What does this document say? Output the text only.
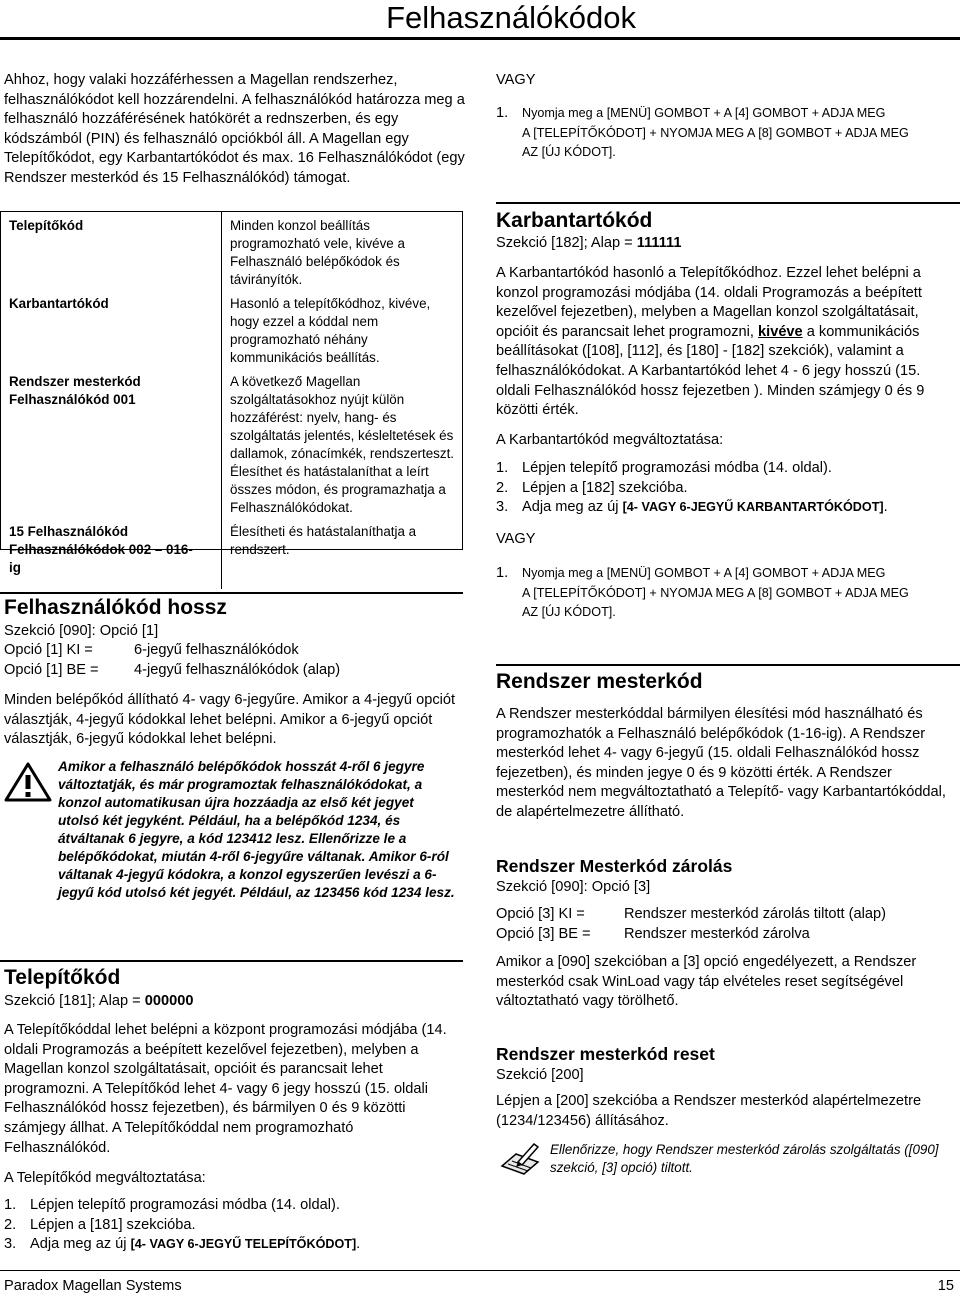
Felhasználókódok

Ahhoz, hogy valaki hozzáférhessen a Magellan rendszerhez, felhasználókódot kell hozzárendelni. A felhasználókód határozza meg a felhasználó hozzáférésének hatókörét a rednszerben, és egy kódszámból (PIN) és felhasználó opciókból áll. A Magellan egy Telepítőkódot, egy Karbantartókódot és max. 16 Felhasználókódot (egy Rendszer mesterkód és 15 Felhasználókód) támogat.

Telepítőkód	Minden konzol beállítás programozható vele, kivéve a Felhasználó belépőkódok és távirányítók.
Karbantartókód	Hasonló a telepítőkódhoz, kivéve, hogy ezzel a kóddal nem programozható néhány kommunikációs beállítás.
Rendszer mesterkód Felhasználókód 001	A következő Magellan szolgáltatásokhoz nyújt külön hozzáférést: nyelv, hang- és szolgáltatás jelentés, késleltetések és dallamok, zónacímkék, rendszerteszt. Élesíthet és hatástalaníthat a leírt összes módon, és programazhatja a Felhasználókódokat.
15 Felhasználókód Felhasználókódok 002 – 016-ig	Élesítheti és hatástalaníthatja a rendszert.

Felhasználókód hossz

Szekció [090]: Opció [1]

Opció [1] KI =	6-jegyű felhasználókódok

Opció [1] BE = 4-jegyű felhasználókódok (alap)

Minden belépőkód állítható 4- vagy 6-jegyűre. Amikor a 4-jegyű opciót választják, 4-jegyű kódokkal lehet belépni. Amikor a 6-jegyű opciót választják, 6-jegyű kódokkal lehet belépni.

Amikor a felhasználó belépőkódok hosszát 4-ről 6 jegyre változtatják, és már programoztak felhasználókódokat, a konzol automatikusan újra hozzáadja az első két jegyet utolsó két jegyként. Például, ha a belépőkód 1234, és átváltanak 6 jegyre, a kód 123412 lesz. Ellenőrizze le a belépőkódokat, miután 4-ről 6-jegyűre váltanak. Amikor 6-ról váltanak 4-jegyű kódokra, a konzol egyszerűen levészi a 6-jegyű kód utolsó két jegyét. Például, az 123456 kód 1234 lesz.

Telepítőkód

Szekció [181]; Alap = 000000

A Telepítőkóddal lehet belépni a központ programozási módjába (14. oldali Programozás a beépített kezelővel fejezetben), melyben a Magellan konzol szolgáltatásait, opcióit és parancsait lehet programozni. A Telepítőkód lehet 4- vagy 6 jegy hosszú (15. oldali Felhasználókód hossz fejezetben), és bármilyen 0 és 9 közötti számjegy állhat. A Telepítőkóddal nem programozható Felhasználókód.

A Telepítőkód megváltoztatása:

1. Lépjen telepítő programozási módba (14. oldal).
2. Lépjen a [181] szekcióba.
3. Adja meg az új [4- VAGY 6-JEGYŰ TELEPÍTŐKÓDOT].

VAGY

1. Nyomja meg a [MENÜ] GOMBOT + A [4] GOMBOT + ADJA MEG
A [TELEPÍTŐKÓDOT] + NYOMJA MEG A [8] GOMBOT + ADJA MEG
AZ [ÚJ KÓDOT].

Karbantartókód

Szekció [182]; Alap = 111111

A Karbantartókód hasonló a Telepítőkódhoz. Ezzel lehet belépni a konzol programozási módjába (14. oldali Programozás a beépített kezelővel fejezetben), melyben a Magellan konzol szolgáltatásait, opcióit és parancsait lehet programozni, kivéve a kommunikációs beállításokat ([108], [112], és [180] - [182] szekciók), valamint a felhasználókódokat. A Karbantartókód lehet 4 - 6 jegy hosszú (15. oldali Felhasználókód hossz fejezetben ). Minden számjegy 0 és 9 közötti érték.

A Karbantartókód megváltoztatása:

1. Lépjen telepítő programozási módba (14. oldal).
2. Lépjen a [182] szekcióba.
3. Adja meg az új [4- VAGY 6-JEGYŰ KARBANTARTÓKÓDOT].

VAGY

1. Nyomja meg a [MENÜ] GOMBOT + A [4] GOMBOT + ADJA MEG
A [TELEPÍTŐKÓDOT] + NYOMJA MEG A [8] GOMBOT + ADJA MEG
AZ [ÚJ KÓDOT].

Rendszer mesterkód

A Rendszer mesterkóddal bármilyen élesítési mód használható és programozhatók a Felhasználó belépőkódok (1-16-ig). A Rendszer mesterkód lehet 4- vagy 6-jegyű (15. oldali Felhasználókód hossz fejezetben), és minden jegye 0 és 9 közötti érték. A Rendszer mesterkód nem megváltoztatható a Telepítő- vagy Karbantartókóddal, de alapértelmezetre állítható.

Rendszer Mesterkód zárolás

Szekció [090]: Opció [3]

Opció [3] KI =	Rendszer mesterkód zárolás tiltott (alap)

Opció [3] BE = Rendszer mesterkód zárolva

Amikor a [090] szekcióban a [3] opció engedélyezett, a Rendszer mesterkód csak WinLoad vagy táp elvételes reset segítségével változtatható vagy törölhető.

Rendszer mesterkód reset

Szekció [200]

Lépjen a [200] szekcióba a Rendszer mesterkód alapértelmezetre (1234/123456) állításához.

Ellenőrizze, hogy Rendszer mesterkód zárolás szolgáltatás ([090] szekció, [3] opció) tiltott.

Paradox Magellan Systems	15
